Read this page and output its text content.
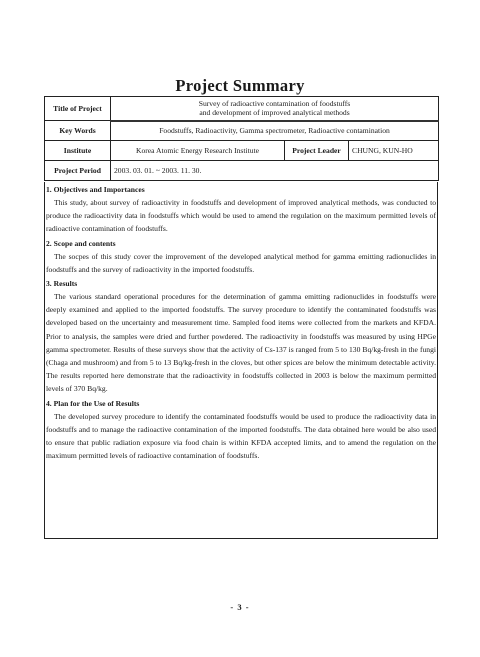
Project Summary
Title of Project	Survey of radioactive contamination of foodstuffs
and development of improved analytical methods		

Key Words	Foodstuffs, Radioactivity, Gamma spectrometer, Radioactive contamination		
Institute	Korea Atomic Energy Research Institute	Project Leader	CHUNG, KUN-HO
Project Period	2003. 03. 01. ~ 2003. 11. 30.		
1. Objectives and Importances

This study, about survey of radioactivity in foodstuffs and development of improved analytical methods, was conducted to produce the radioactivity data in foodstuffs which would be used to amend the regulation on the maximum permitted levels of radioactive contamination of foodstuffs.

2. Scope and contents

The socpes of this study cover the improvement of the developed analytical method for gamma emitting radionuclides in foodstuffs and the survey of radioactivity in the imported foodstuffs.

3. Results

The various standard operational procedures for the determination of gamma emitting radionuclides in foodstuffs were deeply examined and applied to the imported foodstuffs. The survey procedure to identify the contaminated foodstuffs was developed based on the uncertainty and measurement time. Sampled food items were collected from the markets and KFDA. Prior to analysis, the samples were dried and further powdered. The radioactivity in foodstuffs was measured by using HPGe gamma spectrometer. Results of these surveys show that the activity of Cs-137 is ranged from 5 to 130 Bq/kg-fresh in the fungi (Chaga and mushroom) and from 5 to 13 Bq/kg-fresh in the cloves, but other spices are below the minimum detectable activity. The results reported here demonstrate that the radioactivity in foodstuffs collected in 2003 is below the maximum permitted levels of 370 Bq/kg.

4. Plan for the Use of Results

The developed survey procedure to identify the contaminated foodstuffs would be used to produce the radioactivity data in foodstuffs and to manage the radioactive contamination of the imported foodstuffs. The data obtained here would be also used to ensure that public radiation exposure via food chain is within KFDA accepted limits, and to amend the regulation on the maximum permitted levels of radioactive contamination of foodstuffs.

- 3 -
